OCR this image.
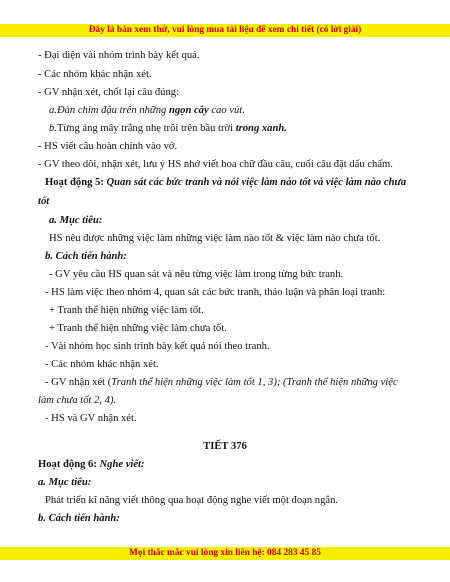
Đây là bản xem thử, vui lòng mua tài liệu để xem chi tiết (có lời giải)
- Đại diện vài nhóm trình bày kết quả.
- Các nhóm khác nhận xét.
- GV nhận xét, chốt lại câu đúng:
a.Đàn chim đậu trên những ngọn cây cao vút.
b.Từng áng mây trắng nhẹ trôi trên bầu trời trong xanh.
- HS viết câu hoàn chỉnh vào vở.
- GV theo dõi, nhận xét, lưu ý HS nhớ viết hoa chữ đầu câu, cuối câu đặt dấu chấm.
Hoạt động 5: Quan sát các bức tranh và nói việc làm nào tốt và việc làm nào chưa
tốt
a. Mục tiêu:
HS nêu được những việc làm những việc làm nào tốt & việc làm nào chưa tốt.
b. Cách tiến hành:
- GV yêu cầu HS quan sát và nêu từng việc làm trong từng bức tranh.
- HS làm việc theo nhóm 4, quan sát các bức tranh, thảo luận và phân loại tranh:
+ Tranh thể hiện những việc làm tốt.
+ Tranh thể hiện những việc làm chưa tốt.
- Vài nhóm học sinh trình bày kết quả nói theo tranh.
- Các nhóm khác nhận xét.
- GV nhận xét (Tranh thể hiện những việc làm tốt 1, 3); (Tranh thể hiện những việc
làm chưa tốt 2, 4).
- HS và GV nhận xét.
TIẾT 376
Hoạt động 6: Nghe viết:
a. Mục tiêu:
Phát triển kĩ năng viết thông qua hoạt động nghe viết một đoạn ngắn.
b. Cách tiến hành:
Mọi thắc mắc vui lòng xin liên hệ: 084 283 45 85
